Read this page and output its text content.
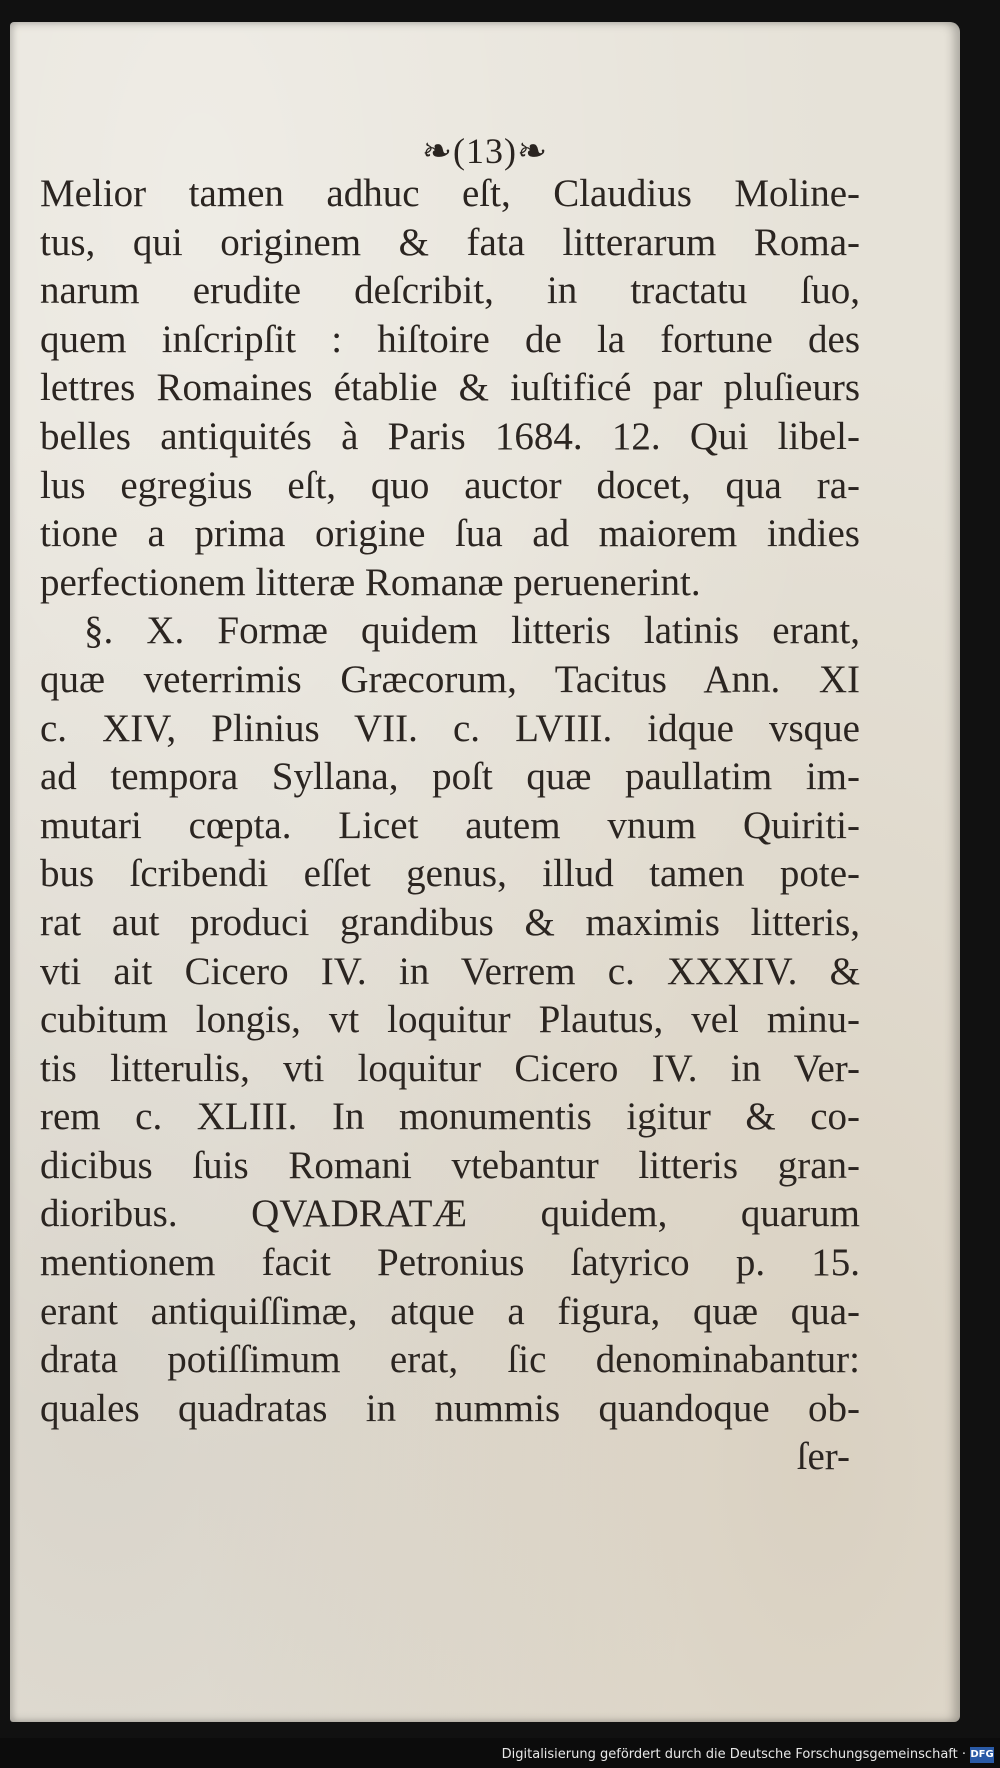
❧(13)❧
Melior tamen adhuc eſt, Claudius Moline-
tus, qui originem & fata litterarum Roma-
narum erudite deſcribit, in tractatu ſuo,
quem inſcripſit : hiſtoire de la fortune des
lettres Romaines établie & iuſtificé par pluſieurs
belles antiquités à Paris 1684. 12. Qui libel-
lus egregius eſt, quo auctor docet, qua ra-
tione a prima origine ſua ad maiorem indies
perfectionem litteræ Romanæ peruenerint.
§. X. Formæ quidem litteris latinis erant,
quæ veterrimis Græcorum, Tacitus Ann. XI
c. XIV, Plinius VII. c. LVIII. idque vsque
ad tempora Syllana, poſt quæ paullatim im-
mutari cœpta. Licet autem vnum Quiriti-
bus ſcribendi eſſet genus, illud tamen pote-
rat aut produci grandibus & maximis litteris,
vti ait Cicero IV. in Verrem c. XXXIV. &
cubitum longis, vt loquitur Plautus, vel minu-
tis litterulis, vti loquitur Cicero IV. in Ver-
rem c. XLIII. In monumentis igitur & co-
dicibus ſuis Romani vtebantur litteris gran-
dioribus. QVADRATÆ quidem, quarum
mentionem facit Petronius ſatyrico p. 15.
erant antiquiſſimæ, atque a figura, quæ qua-
drata potiſſimum erat, ſic denominabantur:
quales quadratas in nummis quandoque ob-
ſer-
Digitalisierung gefördert durch die Deutsche Forschungsgemeinschaft · DFG
